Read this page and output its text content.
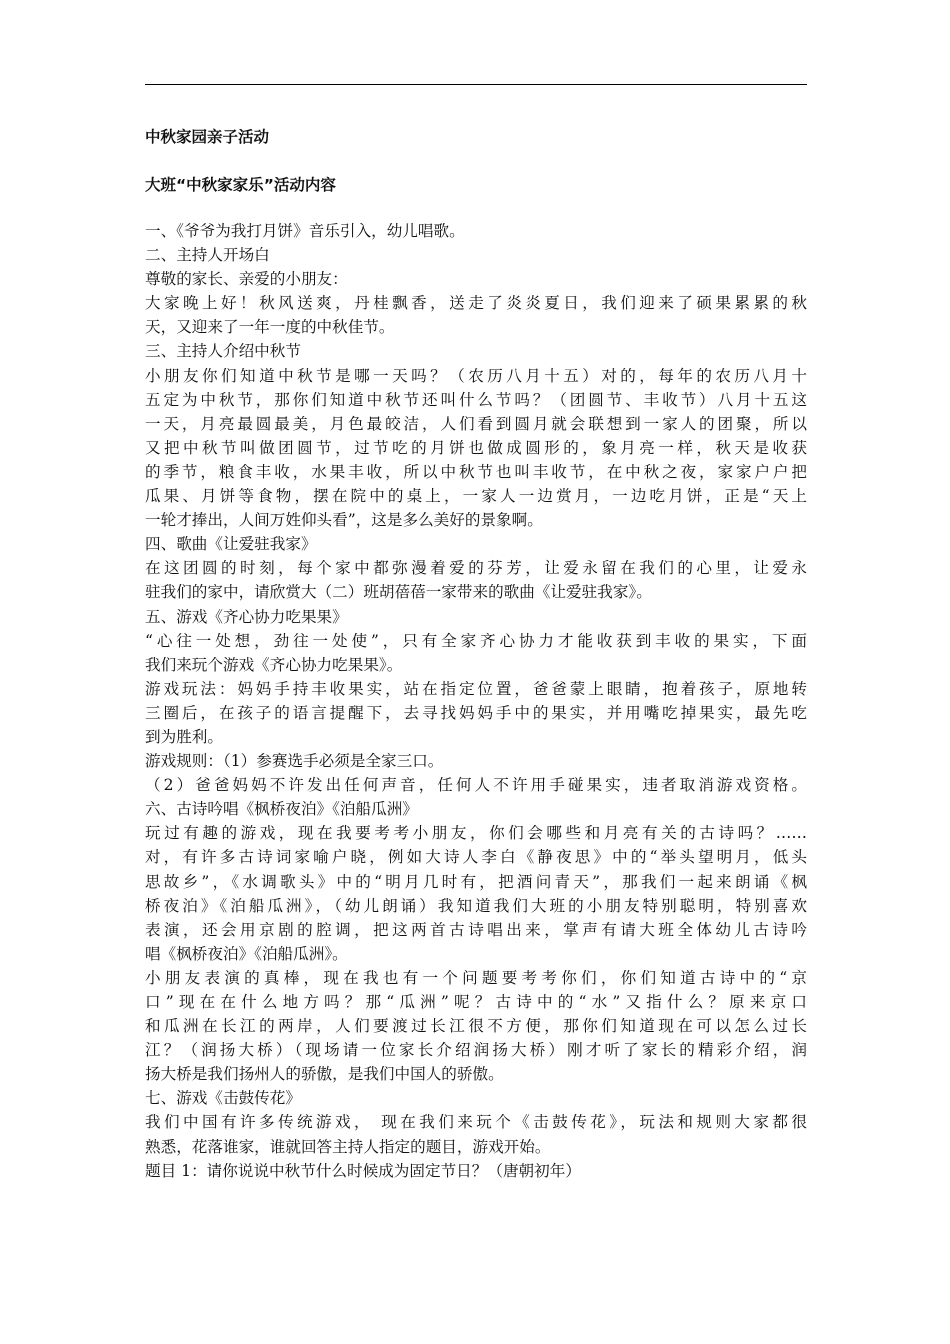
中秋家园亲子活动
大班“中秋家家乐”活动内容
一、《爷爷为我打月饼》音乐引入，幼儿唱歌。
二、主持人开场白
尊敬的家长、亲爱的小朋友：
大家晚上好！秋风送爽，丹桂飘香，送走了炎炎夏日，我们迎来了硕果累累的秋
天，又迎来了一年一度的中秋佳节。
三、主持人介绍中秋节
小朋友你们知道中秋节是哪一天吗？（农历八月十五）对的，每年的农历八月十
五定为中秋节，那你们知道中秋节还叫什么节吗？（团圆节、丰收节）八月十五这
一天，月亮最圆最美，月色最皎洁，人们看到圆月就会联想到一家人的团聚，所以
又把中秋节叫做团圆节，过节吃的月饼也做成圆形的，象月亮一样，秋天是收获
的季节，粮食丰收，水果丰收，所以中秋节也叫丰收节，在中秋之夜，家家户户把
瓜果、月饼等食物，摆在院中的桌上，一家人一边赏月，一边吃月饼，正是“天上
一轮才捧出，人间万姓仰头看”，这是多么美好的景象啊。
四、歌曲《让爱驻我家》
在这团圆的时刻，每个家中都弥漫着爱的芬芳，让爱永留在我们的心里，让爱永
驻我们的家中，请欣赏大（二）班胡蓓蓓一家带来的歌曲《让爱驻我家》。
五、游戏《齐心协力吃果果》
“心往一处想，劲往一处使”，只有全家齐心协力才能收获到丰收的果实，下面
我们来玩个游戏《齐心协力吃果果》。
游戏玩法：妈妈手持丰收果实，站在指定位置，爸爸蒙上眼睛，抱着孩子，原地转
三圈后，在孩子的语言提醒下，去寻找妈妈手中的果实，并用嘴吃掉果实，最先吃
到为胜利。
游戏规则：（1）参赛选手必须是全家三口。
（2）爸爸妈妈不许发出任何声音，任何人不许用手碰果实，违者取消游戏资格。
六、古诗吟唱《枫桥夜泊》《泊船瓜洲》
玩过有趣的游戏，现在我要考考小朋友，你们会哪些和月亮有关的古诗吗？……
对，有许多古诗词家喻户晓，例如大诗人李白《静夜思》中的“举头望明月，低头
思故乡”，《水调歌头》中的“明月几时有，把酒问青天”，那我们一起来朗诵《枫
桥夜泊》《泊船瓜洲》，（幼儿朗诵）我知道我们大班的小朋友特别聪明，特别喜欢
表演，还会用京剧的腔调，把这两首古诗唱出来，掌声有请大班全体幼儿古诗吟
唱《枫桥夜泊》《泊船瓜洲》。
小朋友表演的真棒，现在我也有一个问题要考考你们，你们知道古诗中的“京
口”现在在什么地方吗？那“瓜洲”呢？古诗中的“水”又指什么？原来京口
和瓜洲在长江的两岸，人们要渡过长江很不方便，那你们知道现在可以怎么过长
江？（润扬大桥）（现场请一位家长介绍润扬大桥）刚才听了家长的精彩介绍，润
扬大桥是我们扬州人的骄傲，是我们中国人的骄傲。
七、游戏《击鼓传花》
我们中国有许多传统游戏， 现在我们来玩个《击鼓传花》，玩法和规则大家都很
熟悉，花落谁家，谁就回答主持人指定的题目，游戏开始。
题目 1：请你说说中秋节什么时候成为固定节日？（唐朝初年）
